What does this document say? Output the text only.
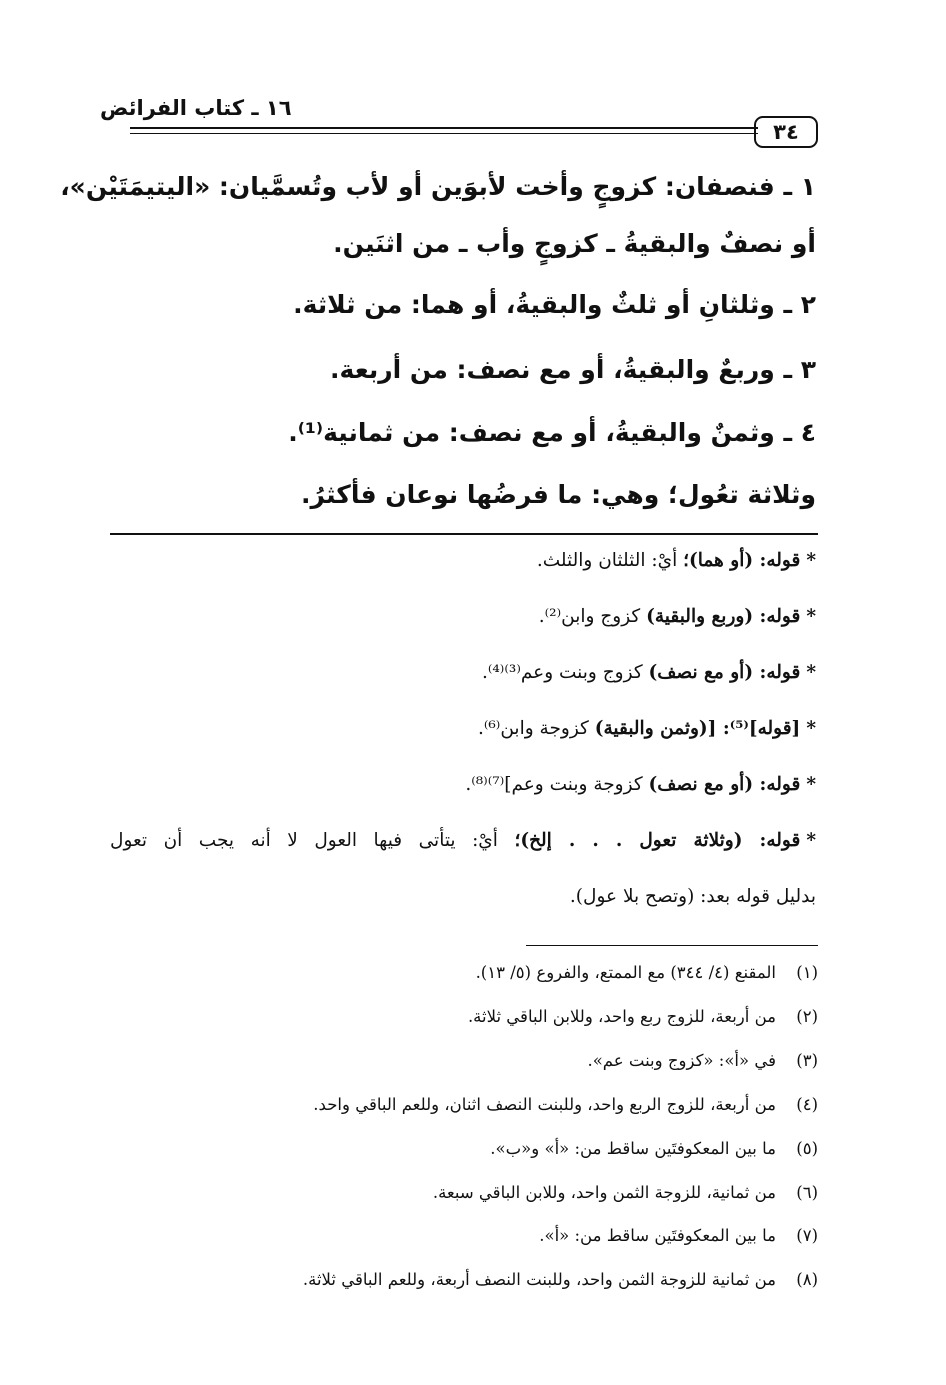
١٦ ـ كتاب الفرائض
٣٤
١ ـ فنصفان: كزوجٍ وأخت لأبوَين أو لأب وتُسمَّيان: «اليتيمَتَيْن»،
أو نصفٌ والبقيةُ ـ كزوجٍ وأب ـ من اثنَين.
٢ ـ وثلثانِ أو ثلثٌ والبقيةُ، أو هما: من ثلاثة.
٣ ـ وربعٌ والبقيةُ، أو مع نصف: من أربعة.
٤ ـ وثمنٌ والبقيةُ، أو مع نصف: من ثمانية⁽¹⁾.
وثلاثة تعُول؛ وهي: ما فرضُها نوعان فأكثرُ.
*قوله: (أو هما)؛ أيْ: الثلثان والثلث.
*قوله: (وربع والبقية) كزوج وابن⁽²⁾.
*قوله: (أو مع نصف) كزوج وبنت وعم⁽³⁾⁽⁴⁾.
*[قوله]⁽⁵⁾: [(وثمن والبقية) كزوجة وابن⁽⁶⁾.
*قوله: (أو مع نصف) كزوجة وبنت وعم]⁽⁷⁾⁽⁸⁾.
*قوله: (وثلاثة تعول . . . إلخ)؛ أيْ: يتأتى فيها العول لا أنه يجب أن تعول
بدليل قوله بعد: (وتصح بلا عول).
(١)المقنع (٤/ ٣٤٤) مع الممتع، والفروع (٥/ ١٣).
(٢)من أربعة، للزوج ربع واحد، وللابن الباقي ثلاثة.
(٣)في «أ»: «كزوج وبنت عم».
(٤)من أربعة، للزوج الربع واحد، وللبنت النصف اثنان، وللعم الباقي واحد.
(٥)ما بين المعكوفتَين ساقط من: «أ» و«ب».
(٦)من ثمانية، للزوجة الثمن واحد، وللابن الباقي سبعة.
(٧)ما بين المعكوفتَين ساقط من: «أ».
(٨)من ثمانية للزوجة الثمن واحد، وللبنت النصف أربعة، وللعم الباقي ثلاثة.
